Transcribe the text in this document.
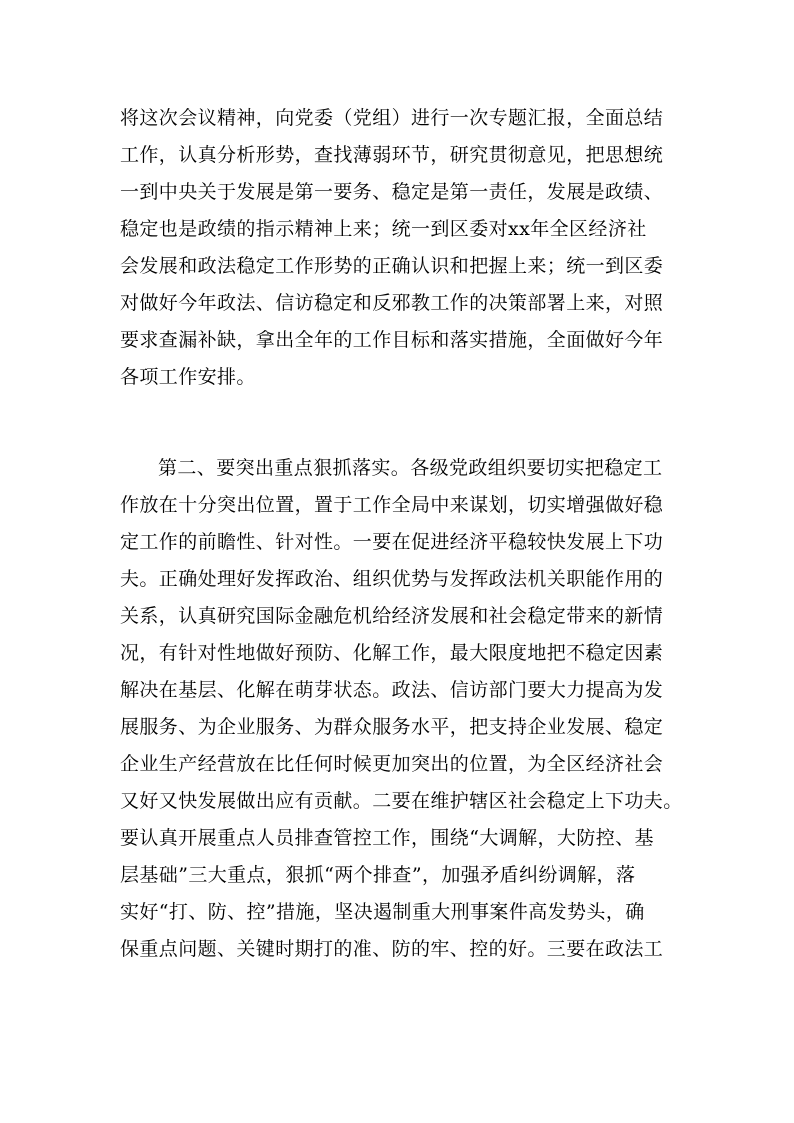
将这次会议精神，向党委（党组）进行一次专题汇报，全面总结
工作，认真分析形势，查找薄弱环节，研究贯彻意见，把思想统
一到中央关于发展是第一要务、稳定是第一责任，发展是政绩、
稳定也是政绩的指示精神上来；统一到区委对xx年全区经济社
会发展和政法稳定工作形势的正确认识和把握上来；统一到区委
对做好今年政法、信访稳定和反邪教工作的决策部署上来，对照
要求查漏补缺，拿出全年的工作目标和落实措施，全面做好今年
各项工作安排。
第二、要突出重点狠抓落实。各级党政组织要切实把稳定工
作放在十分突出位置，置于工作全局中来谋划，切实增强做好稳
定工作的前瞻性、针对性。一要在促进经济平稳较快发展上下功
夫。正确处理好发挥政治、组织优势与发挥政法机关职能作用的
关系，认真研究国际金融危机给经济发展和社会稳定带来的新情
况，有针对性地做好预防、化解工作，最大限度地把不稳定因素
解决在基层、化解在萌芽状态。政法、信访部门要大力提高为发
展服务、为企业服务、为群众服务水平，把支持企业发展、稳定
企业生产经营放在比任何时候更加突出的位置，为全区经济社会
又好又快发展做出应有贡献。二要在维护辖区社会稳定上下功夫。
要认真开展重点人员排查管控工作，围绕“大调解，大防控、基
层基础”三大重点，狠抓“两个排查”，加强矛盾纠纷调解，落
实好“打、防、控”措施，坚决遏制重大刑事案件高发势头，确
保重点问题、关键时期打的准、防的牢、控的好。三要在政法工
